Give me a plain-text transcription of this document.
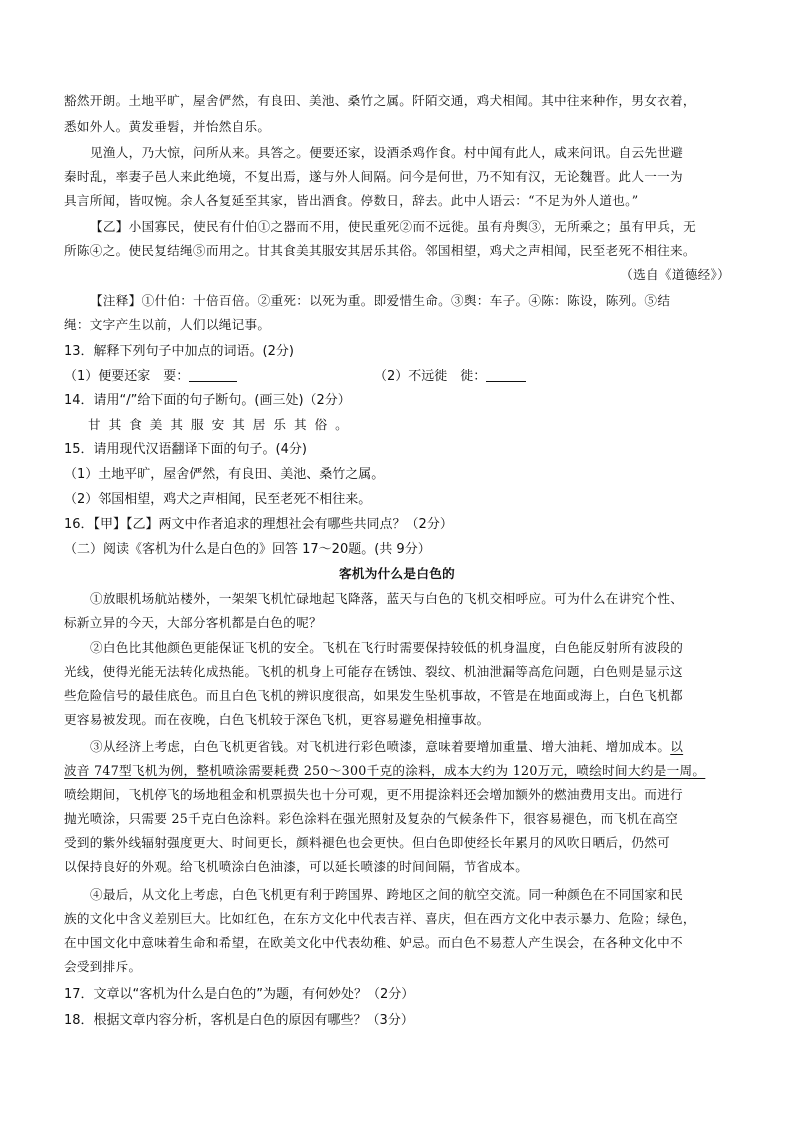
豁然开朗。土地平旷，屋舍俨然，有良田、美池、桑竹之属。阡陌交通，鸡犬相闻。其中往来种作，男女衣着，
悉如外人。黄发垂髫，并怡然自乐。
见渔人，乃大惊，问所从来。具答之。便要还家，设酒杀鸡作食。村中闻有此人，咸来问讯。自云先世避
秦时乱，率妻子邑人来此绝境，不复出焉，遂与外人间隔。问今是何世，乃不知有汉，无论魏晋。此人一一为
具言所闻，皆叹惋。余人各复延至其家，皆出酒食。停数日，辞去。此中人语云：“不足为外人道也。”
【乙】小国寡民，使民有什伯①之器而不用，使民重死②而不远徙。虽有舟舆③，无所乘之；虽有甲兵，无
所陈④之。使民复结绳⑤而用之。甘其食美其服安其居乐其俗。邻国相望，鸡犬之声相闻，民至老死不相往来。
（选自《道德经》）
【注释】①什伯：十倍百倍。②重死：以死为重。即爱惜生命。③舆：车子。④陈：陈设，陈列。⑤结
绳：文字产生以前，人们以绳记事。
13．解释下列句子中加点的词语。(2分)
（1）便要还家　要：	（2）不远徙　徙：
14．请用“/”给下面的句子断句。(画三处)（2分）
甘其食美其服安其居乐其俗。
15．请用现代汉语翻译下面的句子。(4分)
（1）土地平旷，屋舍俨然，有良田、美池、桑竹之属。
（2）邻国相望，鸡犬之声相闻，民至老死不相往来。
16．【甲】【乙】两文中作者追求的理想社会有哪些共同点？（2分）
（二）阅读《客机为什么是白色的》回答 17～20题。(共 9分）
客机为什么是白色的
①放眼机场航站楼外，一架架飞机忙碌地起飞降落，蓝天与白色的飞机交相呼应。可为什么在讲究个性、
标新立异的今天，大部分客机都是白色的呢？
②白色比其他颜色更能保证飞机的安全。飞机在飞行时需要保持较低的机身温度，白色能反射所有波段的
光线，使得光能无法转化成热能。飞机的机身上可能存在锈蚀、裂纹、机油泄漏等高危问题，白色则是显示这
些危险信号的最佳底色。而且白色飞机的辨识度很高，如果发生坠机事故，不管是在地面或海上，白色飞机都
更容易被发现。而在夜晚，白色飞机较于深色飞机，更容易避免相撞事故。
③从经济上考虑，白色飞机更省钱。对飞机进行彩色喷漆，意味着要增加重量、增大油耗、增加成本。以
波音 747型飞机为例，整机喷涂需要耗费 250～300千克的涂料，成本大约为 120万元，喷绘时间大约是一周。
喷绘期间，飞机停飞的场地租金和机票损失也十分可观，更不用提涂料还会增加额外的燃油费用支出。而进行
抛光喷涂，只需要 25千克白色涂料。彩色涂料在强光照射及复杂的气候条件下，很容易褪色，而飞机在高空
受到的紫外线辐射强度更大、时间更长，颜料褪色也会更快。但白色即使经长年累月的风吹日晒后，仍然可
以保持良好的外观。给飞机喷涂白色油漆，可以延长喷漆的时间间隔，节省成本。
④最后，从文化上考虑，白色飞机更有利于跨国界、跨地区之间的航空交流。同一种颜色在不同国家和民
族的文化中含义差别巨大。比如红色，在东方文化中代表吉祥、喜庆，但在西方文化中表示暴力、危险；绿色，
在中国文化中意味着生命和希望，在欧美文化中代表幼稚、妒忌。而白色不易惹人产生误会，在各种文化中不
会受到排斥。
17．文章以“客机为什么是白色的”为题，有何妙处？（2分）
18．根据文章内容分析，客机是白色的原因有哪些？（3分）
